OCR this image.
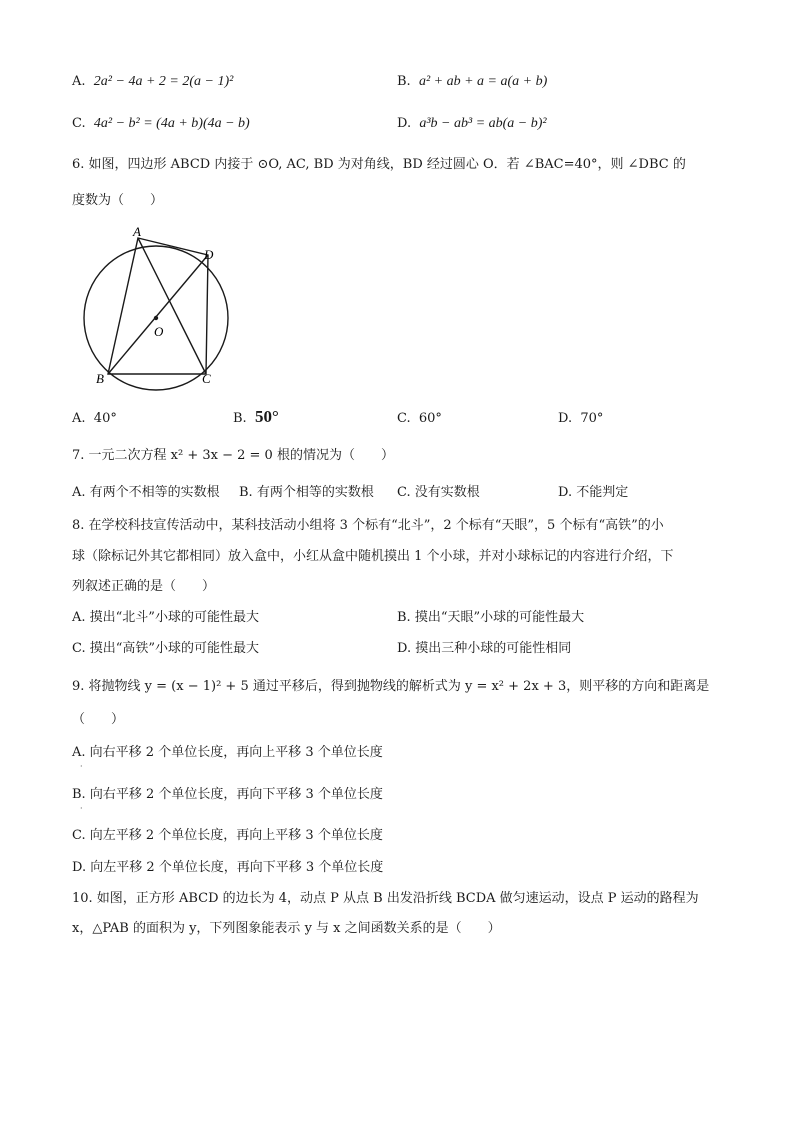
A. 2a² − 4a + 2 = 2(a − 1)²	B. a² + ab + a = a(a + b)
C. 4a² − b² = (4a + b)(4a − b)	D. a³b − ab³ = ab(a − b)²
6. 如图，四边形 ABCD 内接于 ⊙O, AC, BD 为对角线，BD 经过圆心 O．若 ∠BAC=40°，则 ∠DBC 的
度数为（　　）
A
D
O
B	C
A. 40°	B. 50°	C. 60°	D. 70°
7. 一元二次方程 x² + 3x − 2 = 0 根的情况为（　　）
A. 有两个不相等的实数根 B. 有两个相等的实数根 C. 没有实数根	D. 不能判定
8. 在学校科技宣传活动中，某科技活动小组将 3 个标有“北斗”，2 个标有“天眼”，5 个标有“高铁”的小
球（除标记外其它都相同）放入盒中，小红从盒中随机摸出 1 个小球，并对小球标记的内容进行介绍，下
列叙述正确的是（　　）
A. 摸出“北斗”小球的可能性最大	B. 摸出“天眼”小球的可能性最大
C. 摸出“高铁”小球的可能性最大	D. 摸出三种小球的可能性相同
9. 将抛物线 y = (x − 1)² + 5 通过平移后，得到抛物线的解析式为 y = x² + 2x + 3，则平移的方向和距离是
（　　）
A. 向右平移 2 个单位长度，再向上平移 3 个单位长度
·
B. 向右平移 2 个单位长度，再向下平移 3 个单位长度
·
C. 向左平移 2 个单位长度，再向上平移 3 个单位长度
D. 向左平移 2 个单位长度，再向下平移 3 个单位长度
10. 如图，正方形 ABCD 的边长为 4，动点 P 从点 B 出发沿折线 BCDA 做匀速运动，设点 P 运动的路程为
x，△PAB 的面积为 y，下列图象能表示 y 与 x 之间函数关系的是（　　）
